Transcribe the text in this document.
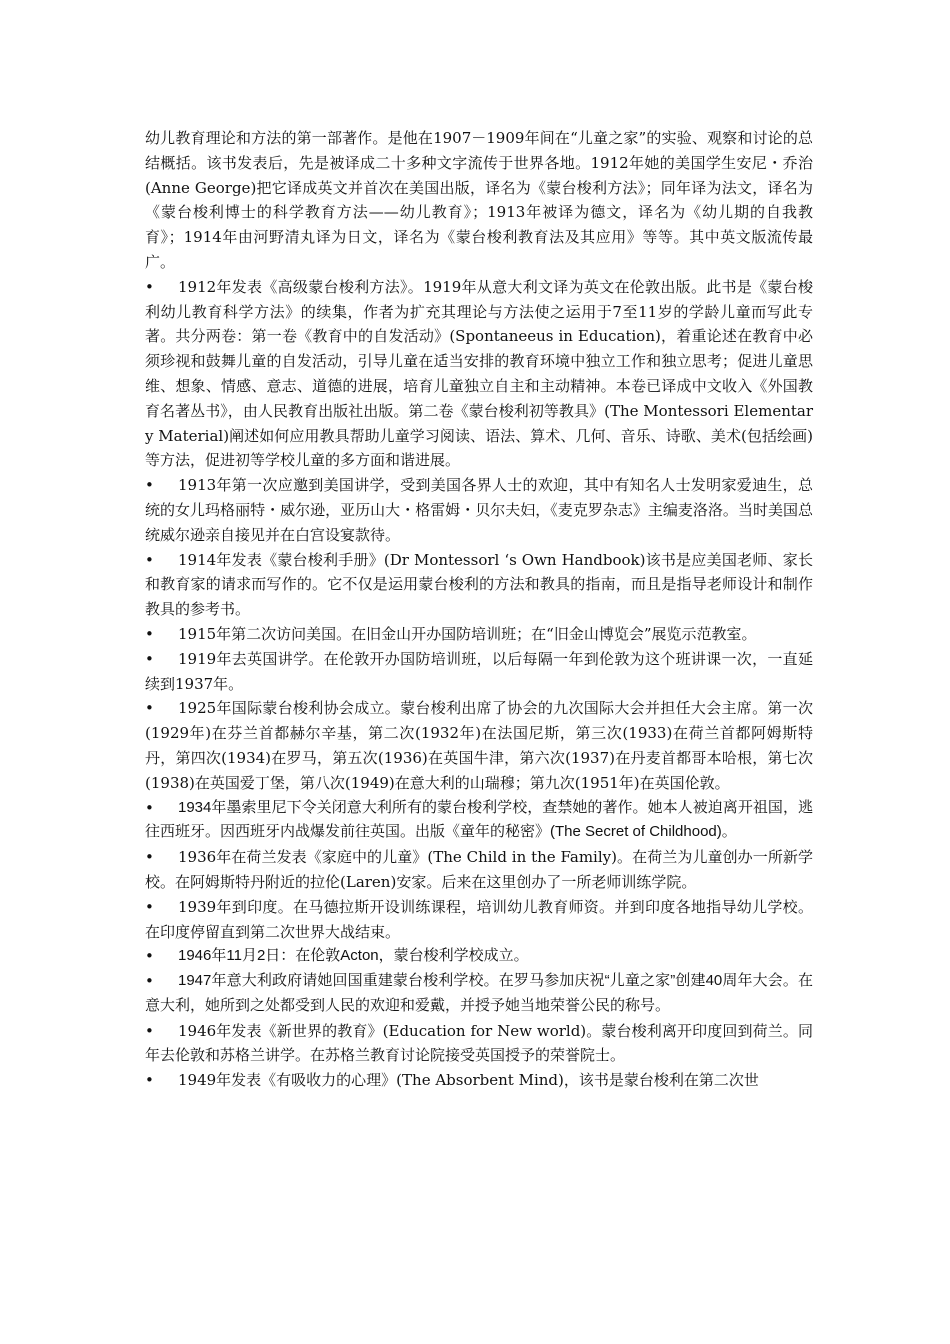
幼儿教育理论和方法的第一部著作。是他在1907－1909年间在“儿童之家”的实验、观察和讨论的总结概括。该书发表后，先是被译成二十多种文字流传于世界各地。1912年她的美国学生安尼・乔治(Anne George)把它译成英文并首次在美国出版，译名为《蒙台梭利方法》；同年译为法文，译名为《蒙台梭利博士的科学教育方法——幼儿教育》；1913年被译为德文，译名为《幼儿期的自我教育》；1914年由河野清丸译为日文，译名为《蒙台梭利教育法及其应用》等等。其中英文版流传最广。

•	1912年发表《高级蒙台梭利方法》。1919年从意大利文译为英文在伦敦出版。此书是《蒙台梭利幼儿教育科学方法》的续集，作者为扩充其理论与方法使之运用于7至11岁的学龄儿童而写此专著。共分两卷：第一卷《教育中的自发活动》(Spontaneeus in Education)，着重论述在教育中必须珍视和鼓舞儿童的自发活动，引导儿童在适当安排的教育环境中独立工作和独立思考；促进儿童思维、想象、情感、意志、道德的进展，培育儿童独立自主和主动精神。本卷已译成中文收入《外国教育名著丛书》，由人民教育出版社出版。第二卷《蒙台梭利初等教具》(The Montessori Elementary Material)阐述如何应用教具帮助儿童学习阅读、语法、算术、几何、音乐、诗歌、美术(包括绘画)等方法，促进初等学校儿童的多方面和谐进展。

•	1913年第一次应邀到美国讲学，受到美国各界人士的欢迎，其中有知名人士发明家爱迪生，总统的女儿玛格丽特・威尔逊，亚历山大・格雷姆・贝尔夫妇，《麦克罗杂志》主编麦洛洛。当时美国总统威尔逊亲自接见并在白宫设宴款待。

•	1914年发表《蒙台梭利手册》(Dr Montessorl ‘s Own Handbook)该书是应美国老师、家长和教育家的请求而写作的。它不仅是运用蒙台梭利的方法和教具的指南，而且是指导老师设计和制作教具的参考书。

•	1915年第二次访问美国。在旧金山开办国防培训班；在“旧金山博览会”展览示范教室。

•	1919年去英国讲学。在伦敦开办国防培训班，以后每隔一年到伦敦为这个班讲课一次，一直延续到1937年。

•	1925年国际蒙台梭利协会成立。蒙台梭利出席了协会的九次国际大会并担任大会主席。第一次(1929年)在芬兰首都赫尔辛基，第二次(1932年)在法国尼斯，第三次(1933)在荷兰首都阿姆斯特丹，第四次(1934)在罗马，第五次(1936)在英国牛津，第六次(1937)在丹麦首都哥本哈根，第七次(1938)在英国爱丁堡，第八次(1949)在意大利的山瑞穆；第九次(1951年)在英国伦敦。

•	1934年墨索里尼下令关闭意大利所有的蒙台梭利学校，查禁她的著作。她本人被迫离开祖国，逃往西班牙。因西班牙内战爆发前往英国。出版《童年的秘密》(The Secret of Childhood)。

•	1936年在荷兰发表《家庭中的儿童》(The Child in the Family)。在荷兰为儿童创办一所新学校。在阿姆斯特丹附近的拉伦(Laren)安家。后来在这里创办了一所老师训练学院。

•	1939年到印度。在马德拉斯开设训练课程，培训幼儿教育师资。并到印度各地指导幼儿学校。在印度停留直到第二次世界大战结束。

•	1946年11月2日：在伦敦Acton，蒙台梭利学校成立。

•	1947年意大利政府请她回国重建蒙台梭利学校。在罗马参加庆祝“儿童之家”创建40周年大会。在意大利，她所到之处都受到人民的欢迎和爱戴，并授予她当地荣誉公民的称号。

•	1946年发表《新世界的教育》(Education for New world)。蒙台梭利离开印度回到荷兰。同年去伦敦和苏格兰讲学。在苏格兰教育讨论院接受英国授予的荣誉院士。

•	1949年发表《有吸收力的心理》(The Absorbent Mind)，该书是蒙台梭利在第二次世
